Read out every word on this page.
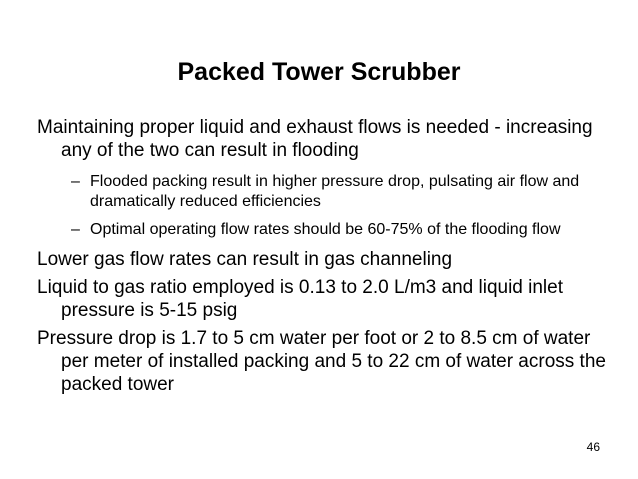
Packed Tower Scrubber
Maintaining proper liquid and exhaust flows is needed - increasing any of the two can result in flooding
– Flooded packing result in higher pressure drop, pulsating air flow and dramatically reduced efficiencies
– Optimal operating flow rates should be 60-75% of the flooding flow
Lower gas flow rates can result in gas channeling
Liquid to gas ratio employed is 0.13 to 2.0 L/m3 and liquid inlet pressure is 5-15 psig
Pressure drop is 1.7 to 5 cm water per foot or 2 to 8.5 cm of water per meter of installed packing and 5 to 22 cm of water across the packed tower

46
